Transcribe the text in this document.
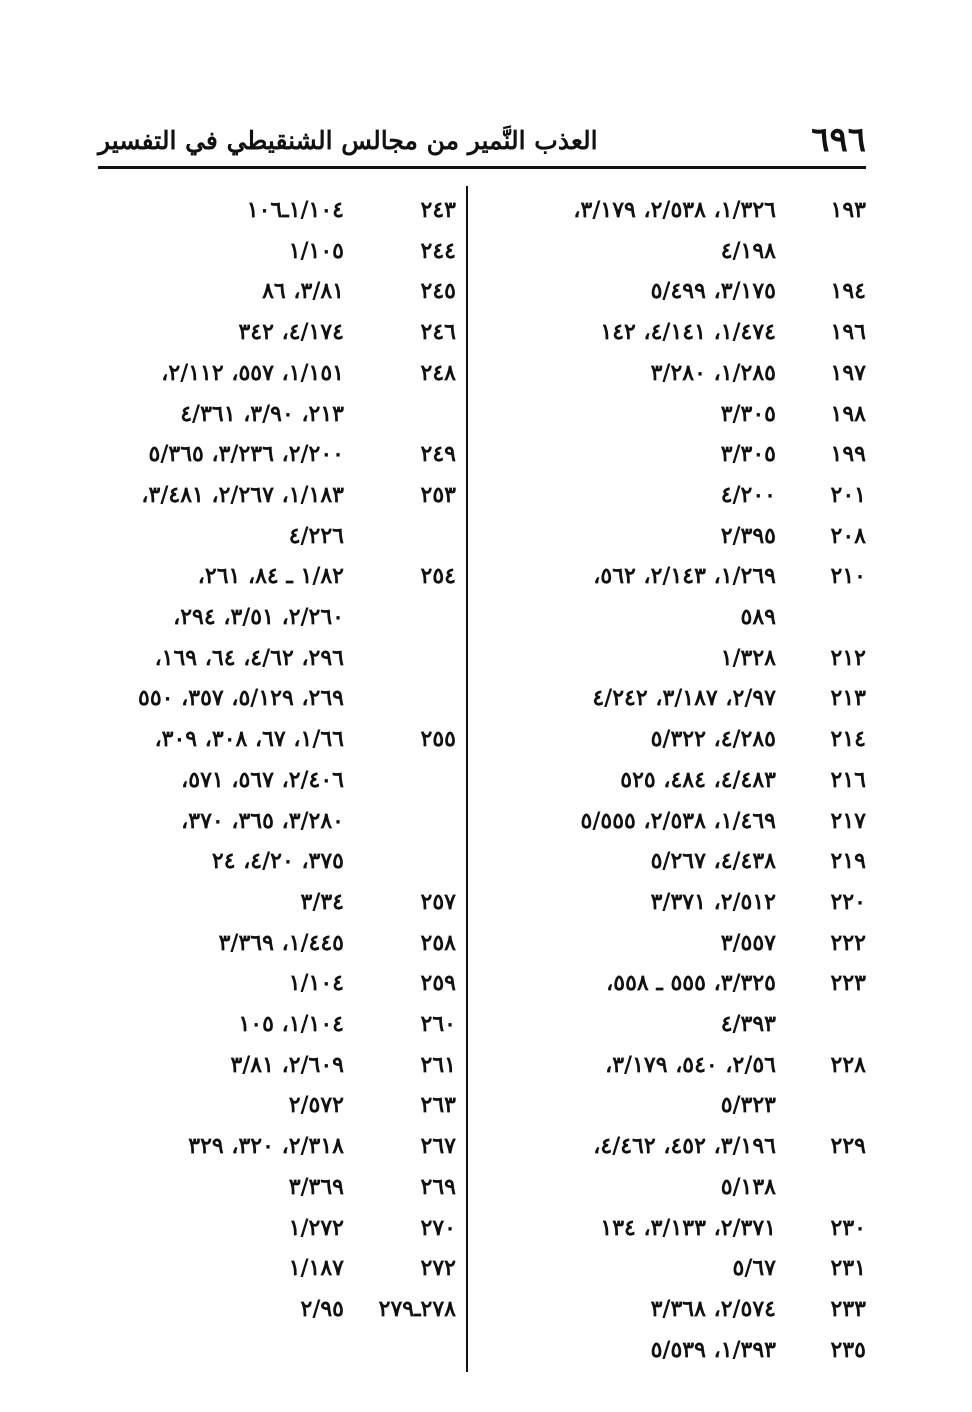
٦٩٦
العذب النَّمير من مجالس الشنقيطي في التفسير
١٩٣
١/٣٢٦، ٢/٥٣٨، ٣/١٧٩،
٤/١٩٨
١٩٤
٣/١٧٥، ٥/٤٩٩
١٩٦
١/٤٧٤، ٤/١٤١، ١٤٢
١٩٧
١/٢٨٥، ٣/٢٨٠
١٩٨
٣/٣٠٥
١٩٩
٣/٣٠٥
٢٠١
٤/٢٠٠
٢٠٨
٢/٣٩٥
٢١٠
١/٢٦٩، ٢/١٤٣، ٥٦٢،
٥٨٩
٢١٢
١/٣٢٨
٢١٣
٢/٩٧، ٣/١٨٧، ٤/٢٤٢
٢١٤
٤/٢٨٥، ٥/٣٢٢
٢١٦
٤/٤٨٣، ٤٨٤، ٥٢٥
٢١٧
١/٤٦٩، ٢/٥٣٨، ٥/٥٥٥
٢١٩
٤/٤٣٨، ٥/٢٦٧
٢٢٠
٢/٥١٢، ٣/٣٧١
٢٢٢
٣/٥٥٧
٢٢٣
٣/٣٢٥، ٥٥٥ ـ ٥٥٨،
٤/٣٩٣
٢٢٨
٢/٥٦، ٥٤٠، ٣/١٧٩،
٥/٣٢٣
٢٢٩
٣/١٩٦، ٤٥٢، ٤/٤٦٢،
٥/١٣٨
٢٣٠
٢/٣٧١، ٣/١٣٣، ١٣٤
٢٣١
٥/٦٧
٢٣٣
٢/٥٧٤، ٣/٣٦٨
٢٣٥
١/٣٩٣، ٥/٥٣٩
٢٤٣
١/١٠٤ـ١٠٦
٢٤٤
١/١٠٥
٢٤٥
٣/٨١، ٨٦
٢٤٦
٤/١٧٤، ٣٤٢
٢٤٨
١/١٥١، ٥٥٧، ٢/١١٢،
٢١٣، ٣/٩٠، ٤/٣٦١
٢٤٩
٢/٢٠٠، ٣/٢٣٦، ٥/٣٦٥
٢٥٣
١/١٨٣، ٢/٢٦٧، ٣/٤٨١،
٤/٢٢٦
٢٥٤
١/٨٢ ـ ٨٤، ٢٦١،
٢/٢٦٠، ٣/٥١، ٢٩٤،
٢٩٦، ٤/٦٢، ٦٤، ١٦٩،
٢٦٩، ٥/١٢٩، ٣٥٧، ٥٥٠
٢٥٥
١/٦٦، ٦٧، ٣٠٨، ٣٠٩،
٢/٤٠٦، ٥٦٧، ٥٧١،
٣/٢٨٠، ٣٦٥، ٣٧٠،
٣٧٥، ٤/٢٠، ٢٤
٢٥٧
٣/٣٤
٢٥٨
١/٤٤٥، ٣/٣٦٩
٢٥٩
١/١٠٤
٢٦٠
١/١٠٤، ١٠٥
٢٦١
٢/٦٠٩، ٣/٨١
٢٦٣
٢/٥٧٢
٢٦٧
٢/٣١٨، ٣٢٠، ٣٢٩
٢٦٩
٣/٣٦٩
٢٧٠
١/٢٧٢
٢٧٢
١/١٨٧
٢٧٨ـ٢٧٩
٢/٩٥
